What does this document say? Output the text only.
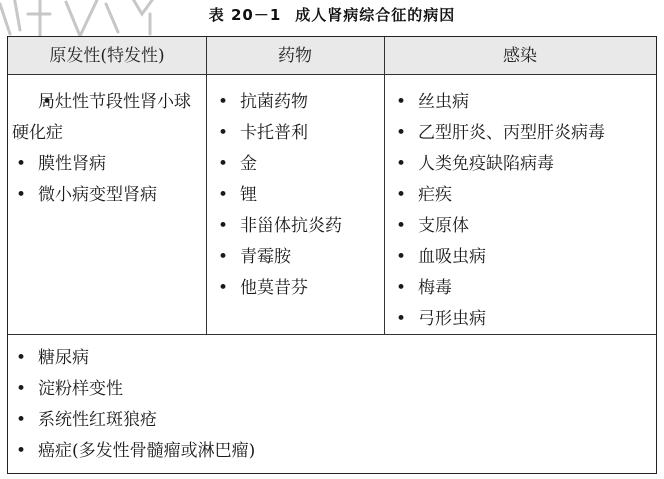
表 20－1 成人肾病综合征的病因
原发性(特发性)	药物	感染
• 局灶性节段性肾小球硬化症
• 膜性肾病
• 微小病变型肾病
• 抗菌药物
• 卡托普利
• 金
• 锂
• 非甾体抗炎药
• 青霉胺
• 他莫昔芬
• 丝虫病
• 乙型肝炎、丙型肝炎病毒
• 人类免疫缺陷病毒
• 疟疾
• 支原体
• 血吸虫病
• 梅毒
• 弓形虫病
• 糖尿病
• 淀粉样变性
• 系统性红斑狼疮
• 癌症(多发性骨髓瘤或淋巴瘤)
